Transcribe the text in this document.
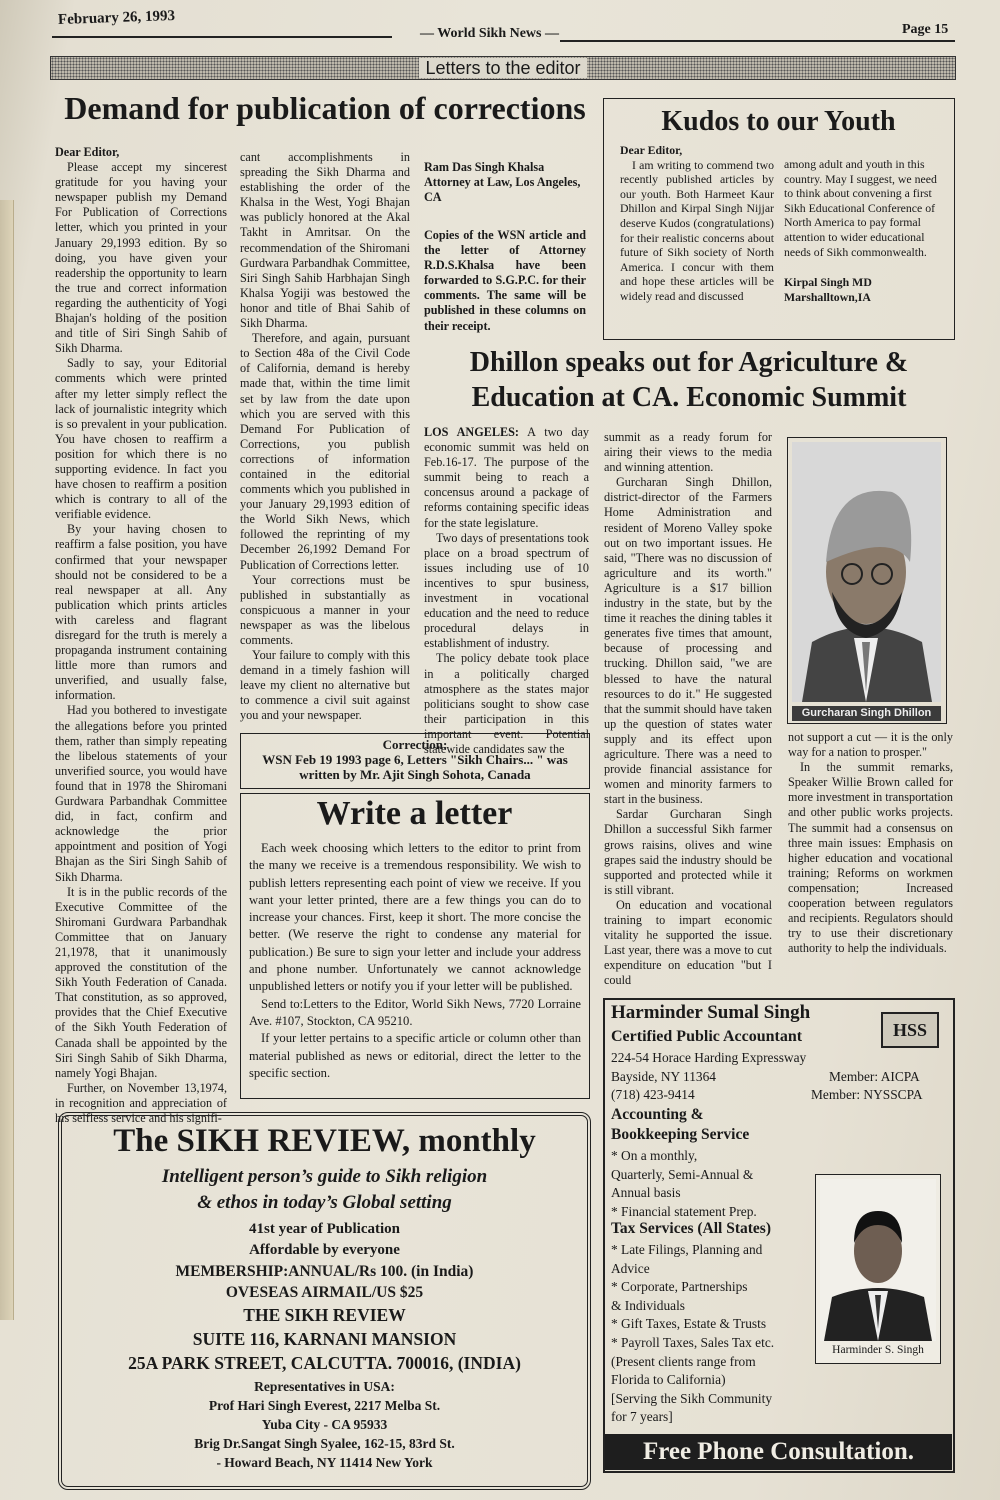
February 26, 1993
— World Sikh News —	Page 15
Letters to the editor
Demand for publication of corrections

Dear Editor,

Please accept my sincerest gratitude for you having your newspaper publish my Demand For Publication of Corrections letter, which you printed in your January 29,1993 edition. By so doing, you have given your readership the opportunity to learn the true and correct information regarding the authenticity of Yogi Bhajan's holding of the position and title of Siri Singh Sahib of Sikh Dharma.

Sadly to say, your Editorial comments which were printed after my letter simply reflect the lack of journalistic integrity which is so prevalent in your publication. You have chosen to reaffirm a position for which there is no supporting evidence. In fact you have chosen to reaffirm a position which is contrary to all of the verifiable evidence.

By your having chosen to reaffirm a false position, you have confirmed that your newspaper should not be considered to be a real newspaper at all. Any publication which prints articles with careless and flagrant disregard for the truth is merely a propaganda instrument containing little more than rumors and unverified, and usually false, information.

Had you bothered to investigate the allegations before you printed them, rather than simply repeating the libelous statements of your unverified source, you would have found that in 1978 the Shiromani Gurdwara Parbandhak Committee did, in fact, confirm and acknowledge the prior appointment and position of Yogi Bhajan as the Siri Singh Sahib of Sikh Dharma.

It is in the public records of the Executive Committee of the Shiromani Gurdwara Parbandhak Committee that on January 21,1978, that it unanimously approved the constitution of the Sikh Youth Federation of Canada. That constitution, as so approved, provides that the Chief Executive of the Sikh Youth Federation of Canada shall be appointed by the Siri Singh Sahib of Sikh Dharma, namely Yogi Bhajan.

Further, on November 13,1974, in recognition and appreciation of his selfless service and his signifi-

cant accomplishments in spreading the Sikh Dharma and establishing the order of the Khalsa in the West, Yogi Bhajan was publicly honored at the Akal Takht in Amritsar. On the recommendation of the Shiromani Gurdwara Parbandhak Committee, Siri Singh Sahib Harbhajan Singh Khalsa Yogiji was bestowed the honor and title of Bhai Sahib of Sikh Dharma.

Therefore, and again, pursuant to Section 48a of the Civil Code of California, demand is hereby made that, within the time limit set by law from the date upon which you are served with this Demand For Publication of Corrections, you publish corrections of information contained in the editorial comments which you published in your January 29,1993 edition of the World Sikh News, which followed the reprinting of my December 26,1992 Demand For Publication of Corrections letter.

Your corrections must be published in substantially as conspicuous a manner in your newspaper as was the libelous comments.

Your failure to comply with this demand in a timely fashion will leave my client no alternative but to commence a civil suit against you and your newspaper.

Ram Das Singh Khalsa Attorney at Law, Los Angeles, CA
Copies of the WSN article and the letter of Attorney R.D.S.Khalsa have been forwarded to S.G.P.C. for their comments. The same will be published in these columns on their receipt.
Kudos to our Youth

Dear Editor,

I am writing to commend two recently published articles by our youth. Both Harmeet Kaur Dhillon and Kirpal Singh Nijjar deserve Kudos (congratulations) for their realistic concerns about future of Sikh society of North America. I concur with them and hope these articles will be widely read and discussed

among adult and youth in this country. May I suggest, we need to think about convening a first Sikh Educational Conference of North America to pay formal attention to wider educational needs of Sikh commonwealth.

Kirpal Singh MD

Marshalltown,IA

Dhillon speaks out for Agriculture &
Education at CA. Economic Summit

LOS ANGELES: A two day economic summit was held on Feb.16-17. The purpose of the summit being to reach a concensus around a package of reforms containing specific ideas for the state legislature.

Two days of presentations took place on a broad spectrum of issues including use of 10 incentives to spur business, investment in vocational education and the need to reduce procedural delays in establishment of industry.

The policy debate took place in a politically charged atmosphere as the states major politicians sought to show case their participation in this important event. Potential statewide candidates saw the

summit as a ready forum for airing their views to the media and winning attention.

Gurcharan Singh Dhillon, district-director of the Farmers Home Administration and resident of Moreno Valley spoke out on two important issues. He said, "There was no discussion of agriculture and its worth." Agriculture is a $17 billion industry in the state, but by the time it reaches the dining tables it generates five times that amount, because of processing and trucking. Dhillon said, "we are blessed to have the natural resources to do it." He suggested that the summit should have taken up the question of states water supply and its effect upon agriculture. There was a need to provide financial assistance for women and minority farmers to start in the business.

Sardar Gurcharan Singh Dhillon a successful Sikh farmer grows raisins, olives and wine grapes said the industry should be supported and protected while it is still vibrant.

On education and vocational training to impart economic vitality he supported the issue. Last year, there was a move to cut expenditure on education "but I could

Gurcharan Singh Dhillon

not support a cut — it is the only way for a nation to prosper."

In the summit remarks, Speaker Willie Brown called for more investment in transportation and other public works projects. The summit had a consensus on three main issues: Emphasis on higher education and vocational training; Reforms on workmen compensation; Increased cooperation between regulators and recipients. Regulators should try to use their discretionary authority to help the individuals.

Correction:
WSN Feb 19 1993 page 6, Letters "Sikh Chairs... " was written by Mr. Ajit Singh Sohota, Canada
Write a letter

Each week choosing which letters to the editor to print from the many we receive is a tremendous responsibility. We wish to publish letters representing each point of view we receive. If you want your letter printed, there are a few things you can do to increase your chances. First, keep it short. The more concise the better. (We reserve the right to condense any material for publication.) Be sure to sign your letter and include your address and phone number. Unfortunately we cannot acknowledge unpublished letters or notify you if your letter will be published.

Send to:Letters to the Editor, World Sikh News, 7720 Lorraine Ave. #107, Stockton, CA 95210.

If your letter pertains to a specific article or column other than material published as news or editorial, direct the letter to the specific section.

The SIKH REVIEW, monthly
Intelligent person’s guide to Sikh religion
& ethos in today’s Global setting
41st year of Publication
Affordable by everyone
MEMBERSHIP:ANNUAL/Rs 100. (in India)
OVESEAS AIRMAIL/US $25
THE SIKH REVIEW
SUITE 116, KARNANI MANSION
25A PARK STREET, CALCUTTA. 700016, (INDIA)
Representatives in USA:
Prof Hari Singh Everest, 2217 Melba St.
Yuba City - CA 95933
Brig Dr.Sangat Singh Syalee, 162-15, 83rd St.
- Howard Beach, NY 11414 New York
Harminder Sumal Singh
HSS
Certified Public Accountant
224-54 Horace Harding Expressway
Bayside, NY 11364	Member: AICPA
(718) 423-9414	Member: NYSSCPA
Accounting &
Bookkeeping Service
* On a monthly,
Quarterly, Semi-Annual &
Annual basis
* Financial statement Prep.
Tax Services (All States)
* Late Filings, Planning and
Advice
* Corporate, Partnerships
& Individuals
* Gift Taxes, Estate & Trusts
* Payroll Taxes, Sales Tax etc.
(Present clients range from
Florida to California)
[Serving the Sikh Community
for 7 years]
Harminder S. Singh
Free Phone Consultation.
